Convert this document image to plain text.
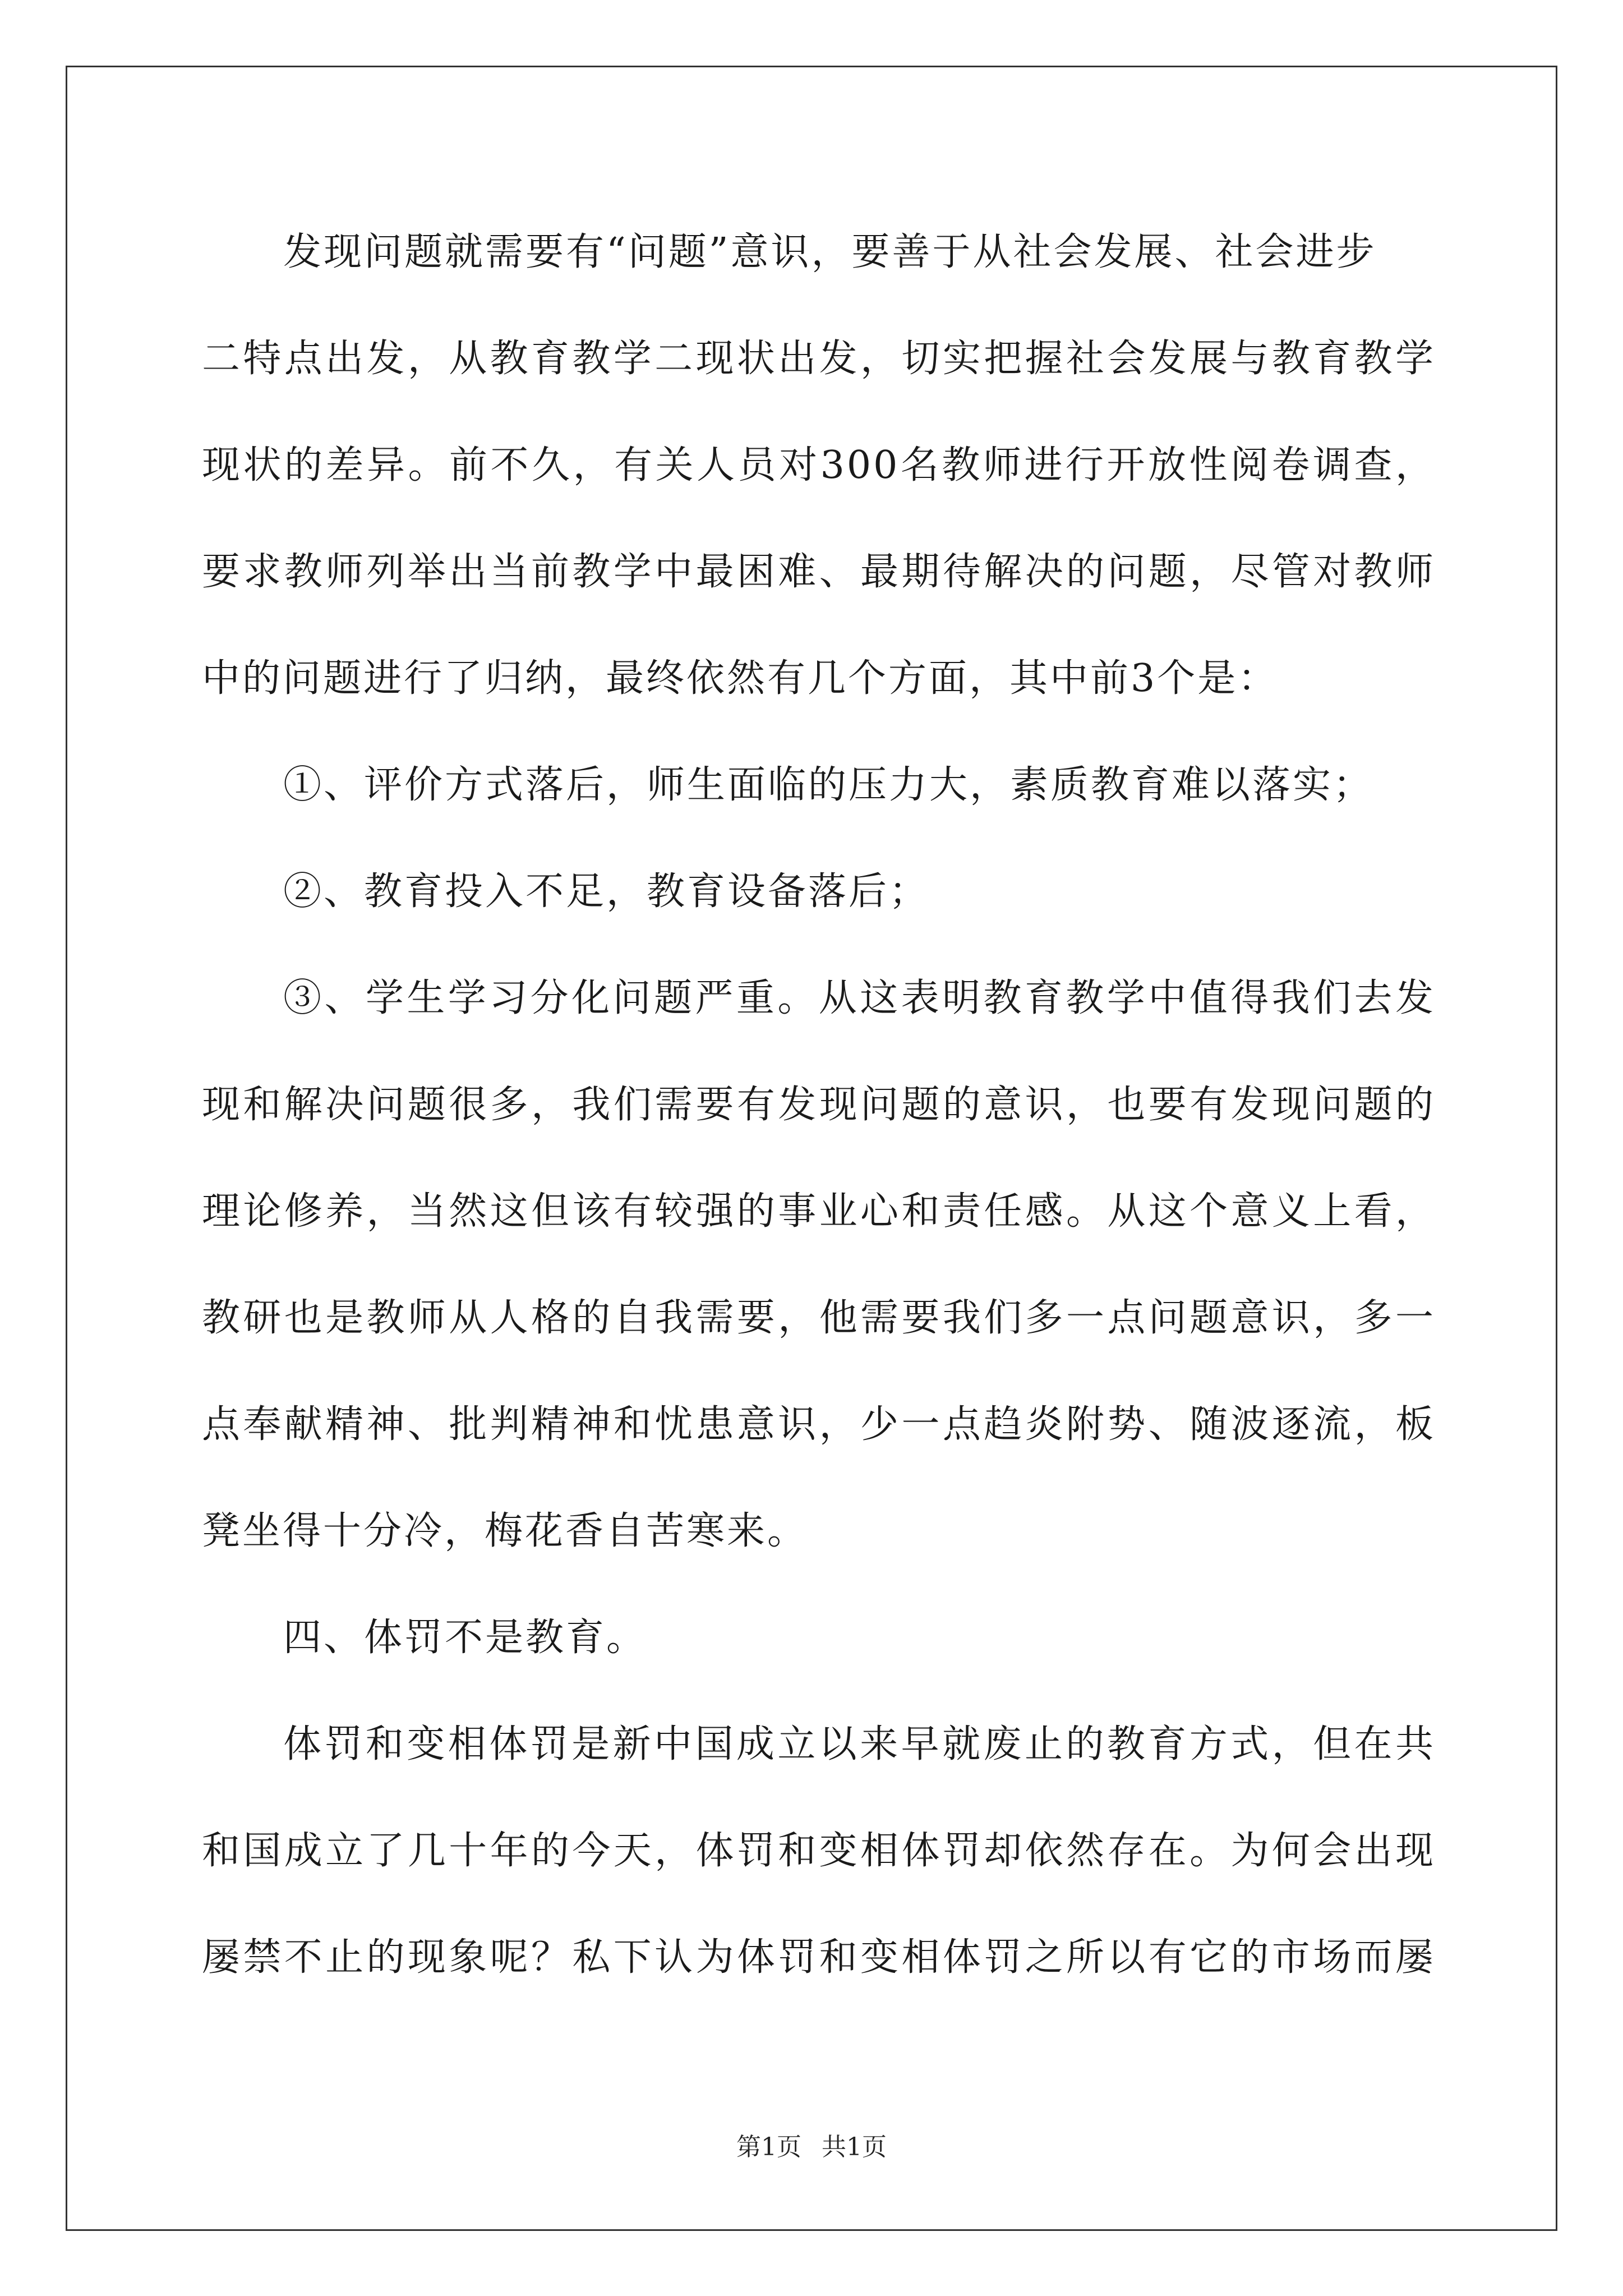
发现问题就需要有“问题”意识，要善于从社会发展、社会进步
二特点出发，从教育教学二现状出发，切实把握社会发展与教育教学
现状的差异。前不久，有关人员对300名教师进行开放性阅卷调查，
要求教师列举出当前教学中最困难、最期待解决的问题，尽管对教师
中的问题进行了归纳，最终依然有几个方面，其中前3个是：
①、评价方式落后，师生面临的压力大，素质教育难以落实；
②、教育投入不足，教育设备落后；
③、学生学习分化问题严重。从这表明教育教学中值得我们去发
现和解决问题很多，我们需要有发现问题的意识，也要有发现问题的
理论修养，当然这但该有较强的事业心和责任感。从这个意义上看，
教研也是教师从人格的自我需要，他需要我们多一点问题意识，多一
点奉献精神、批判精神和忧患意识，少一点趋炎附势、随波逐流，板
凳坐得十分冷，梅花香自苦寒来。
四、体罚不是教育。
体罚和变相体罚是新中国成立以来早就废止的教育方式，但在共
和国成立了几十年的今天，体罚和变相体罚却依然存在。为何会出现
屡禁不止的现象呢？私下认为体罚和变相体罚之所以有它的市场而屡
第1页 共1页
